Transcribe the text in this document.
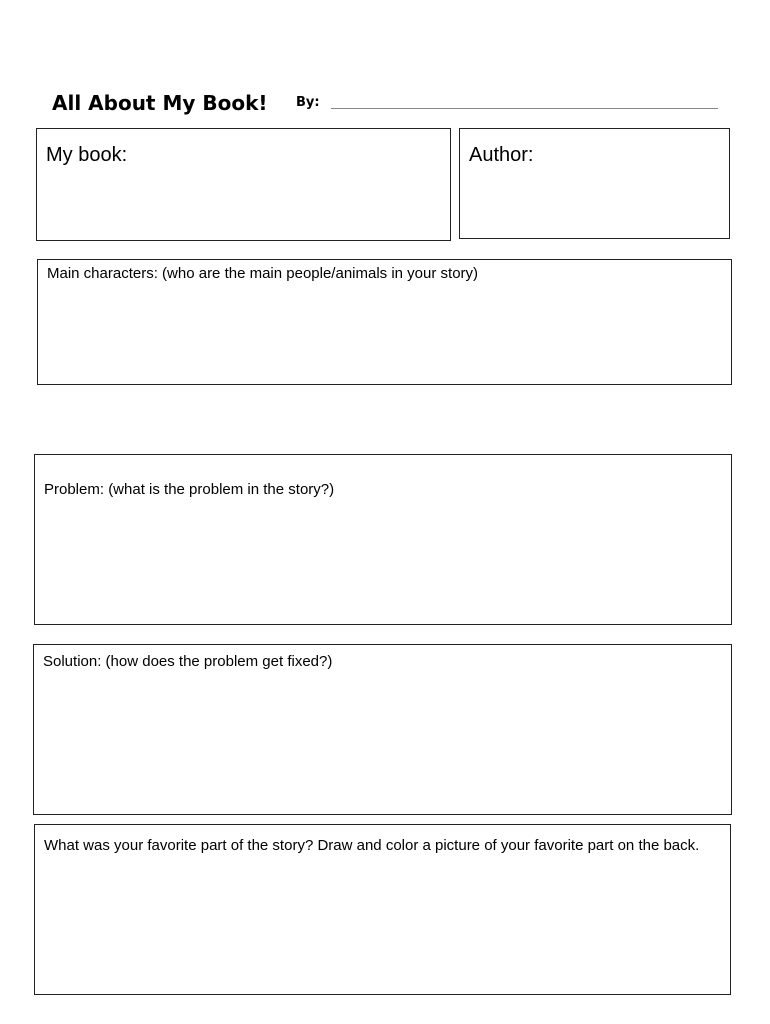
All About My Book! By:
My book:	Author:
Main characters: (who are the main people/animals in your story)
Problem: (what is the problem in the story?)
Solution: (how does the problem get fixed?)
What was your favorite part of the story? Draw and color a picture of your favorite part on the back.
